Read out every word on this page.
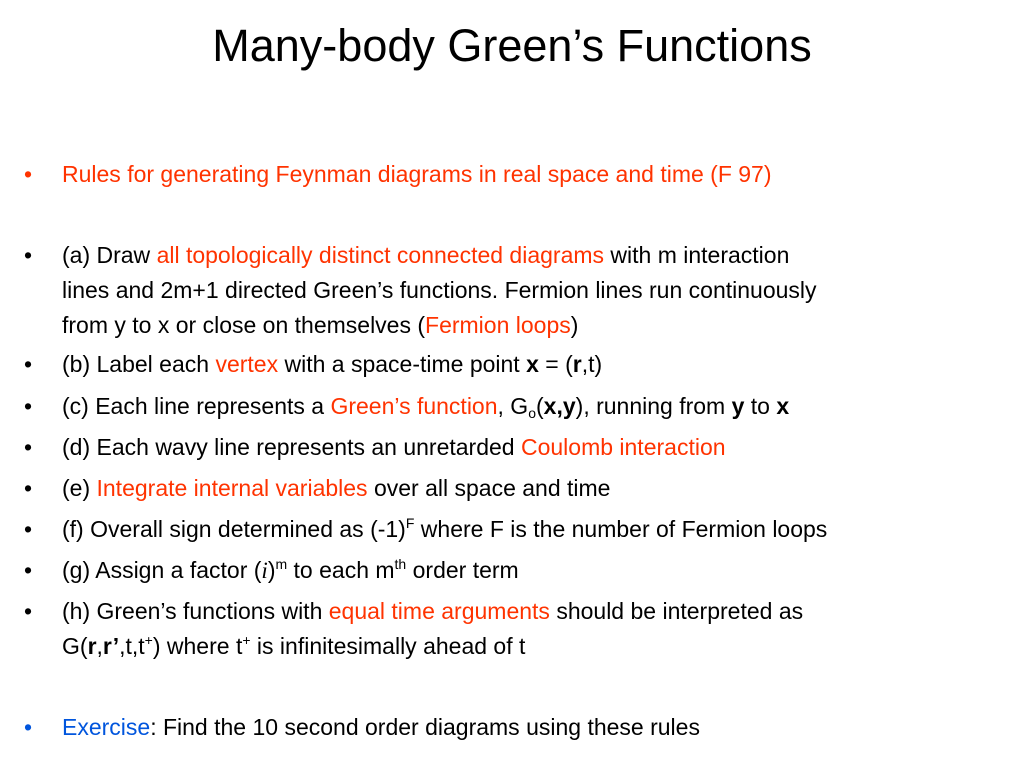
Many-body Green’s Functions
•	Rules for generating Feynman diagrams in real space and time (F 97)
•	(a) Draw all topologically distinct connected diagrams with m interaction
lines and 2m+1 directed Green’s functions. Fermion lines run continuously
from y to x or close on themselves (Fermion loops)
•	(b) Label each vertex with a space-time point x = (r,t)
•	(c) Each line represents a Green’s function, $G_o(x,y)$, running from y to x
•	(d) Each wavy line represents an unretarded Coulomb interaction
•	(e) Integrate internal variables over all space and time
•	(f) Overall sign determined as $(-1)^F$ where F is the number of Fermion loops
•	(g) Assign a factor $(i)^m$ to each $m^{th}$ order term
•	(h) Green’s functions with equal time arguments should be interpreted as
G(r,r’,t,t+) where t+ is infinitesimally ahead of t
•	Exercise: Find the 10 second order diagrams using these rules
